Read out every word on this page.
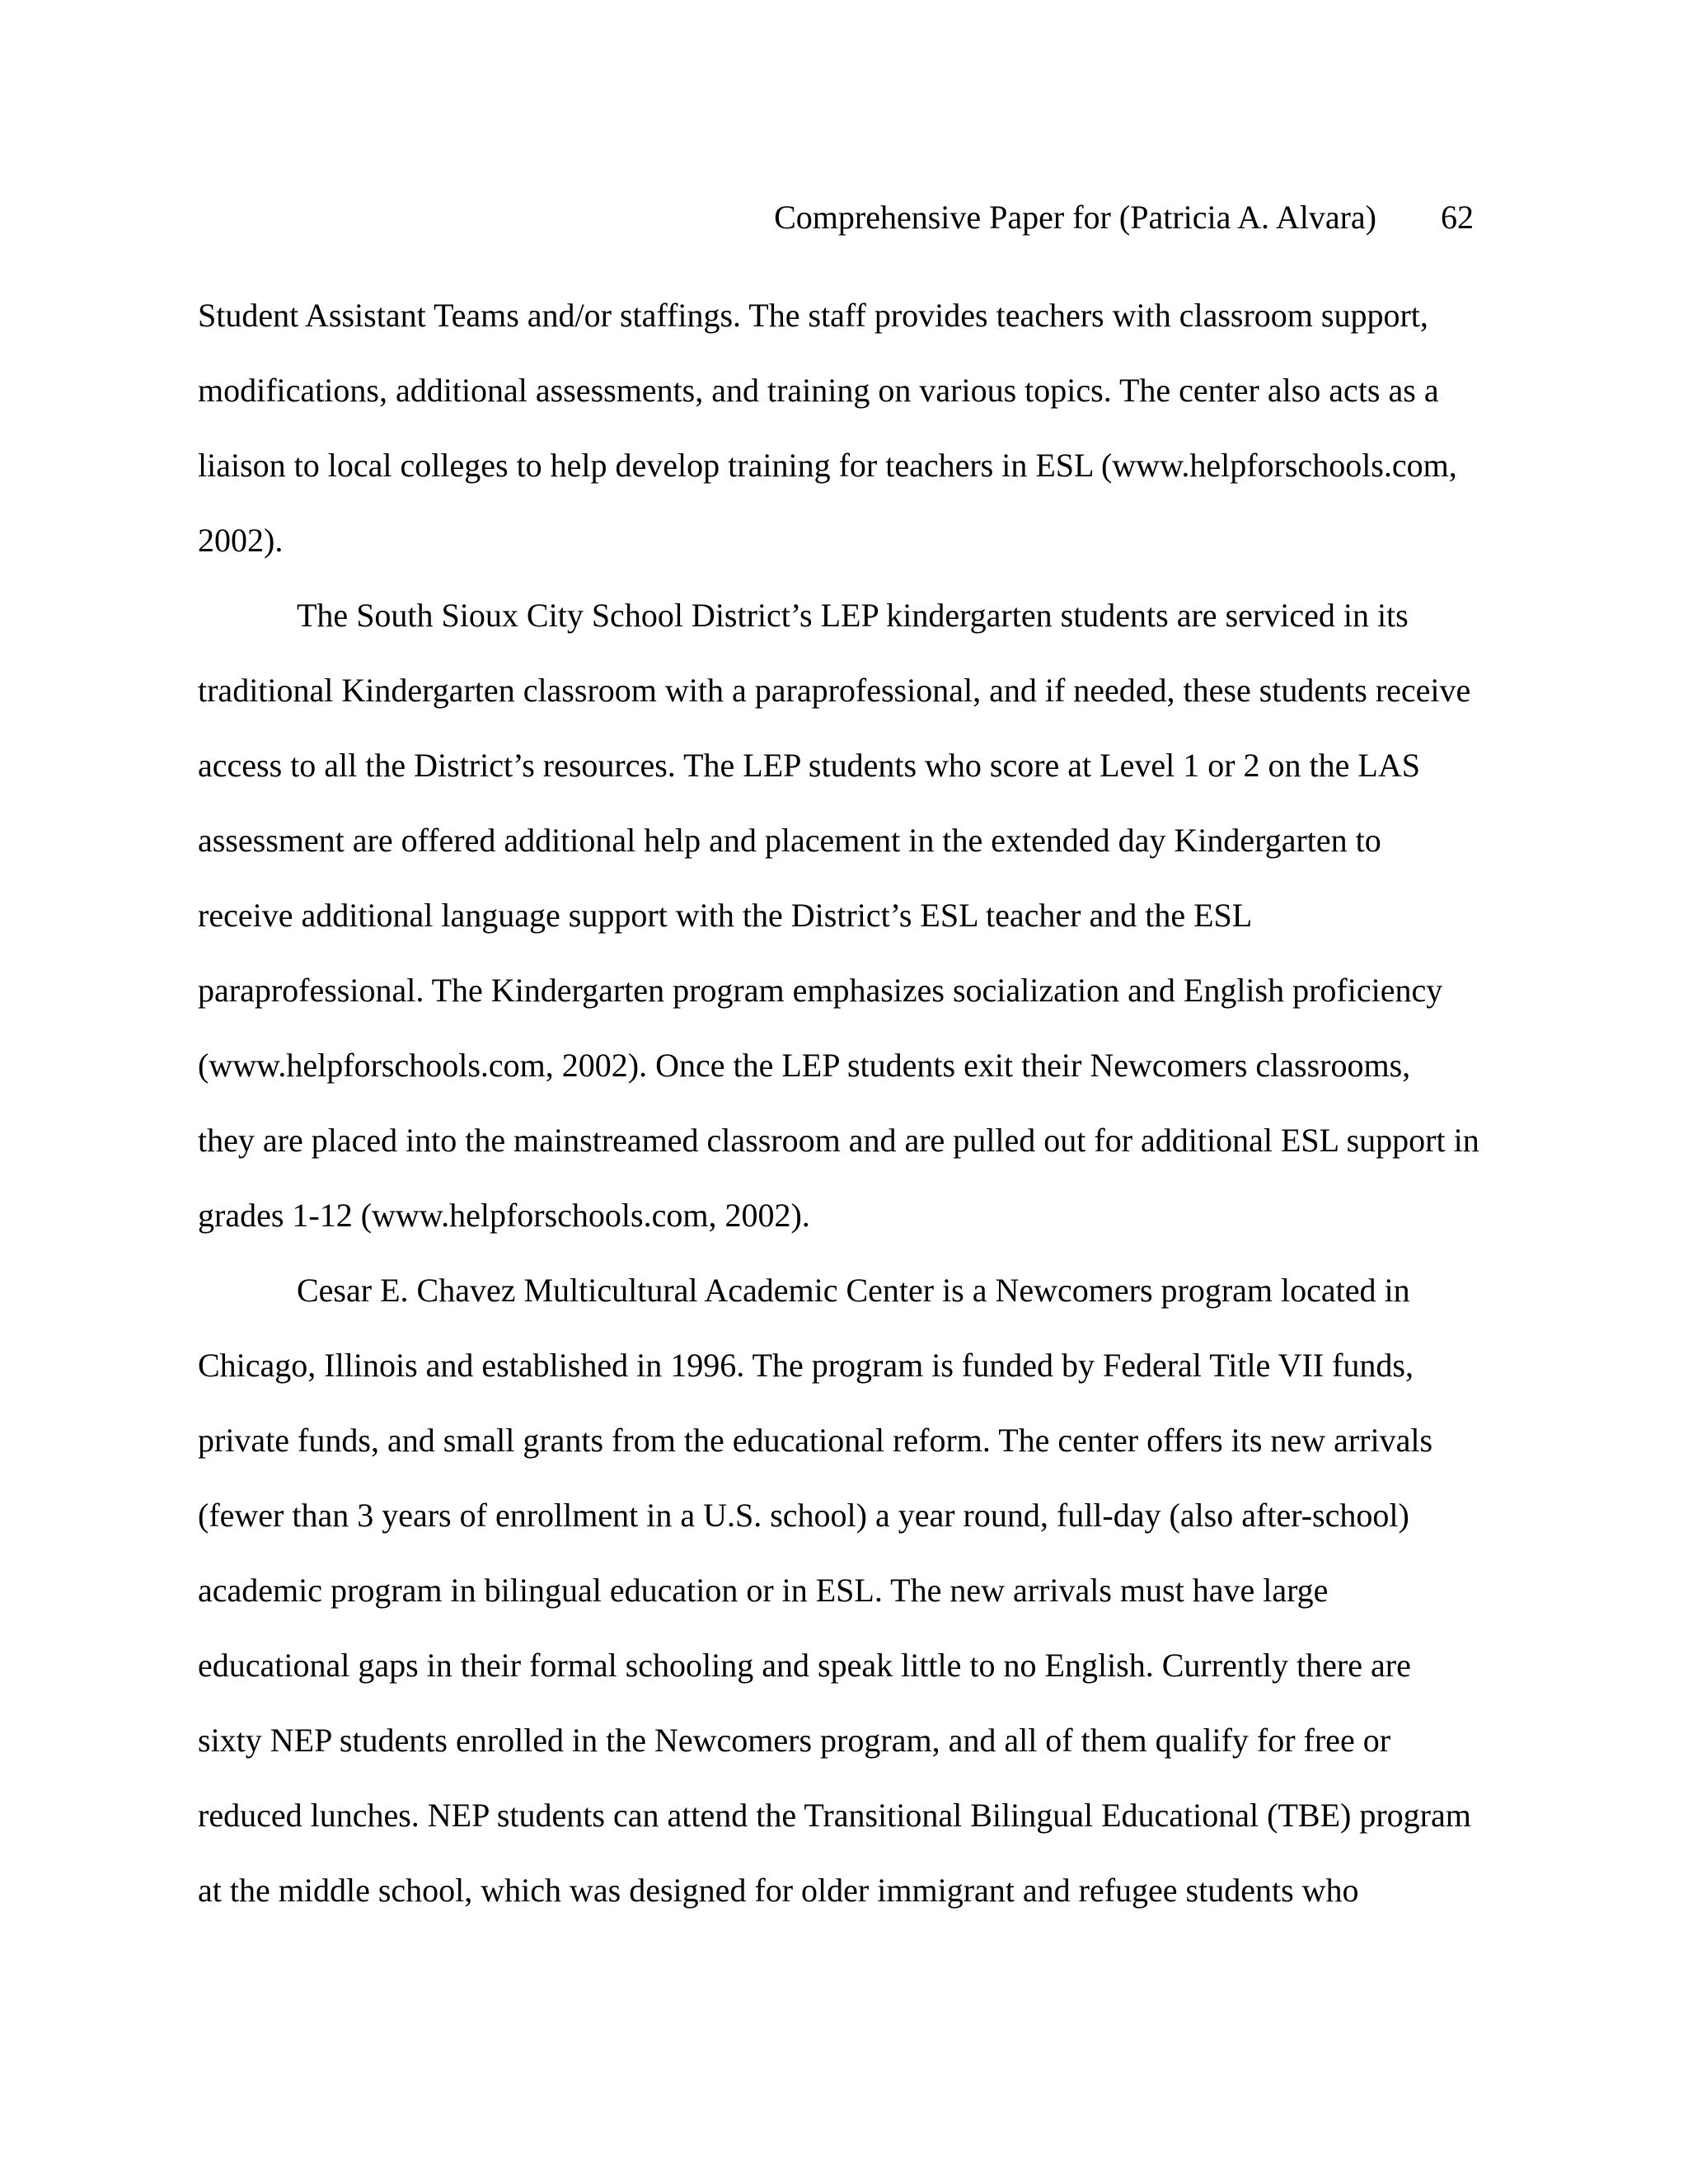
Comprehensive Paper for (Patricia A. Alvara) 62
Student Assistant Teams and/or staffings. The staff provides teachers with classroom support,
modifications, additional assessments, and training on various topics. The center also acts as a
liaison to local colleges to help develop training for teachers in ESL (www.helpforschools.com,
2002).
The South Sioux City School District’s LEP kindergarten students are serviced in its
traditional Kindergarten classroom with a paraprofessional, and if needed, these students receive
access to all the District’s resources. The LEP students who score at Level 1 or 2 on the LAS
assessment are offered additional help and placement in the extended day Kindergarten to
receive additional language support with the District’s ESL teacher and the ESL
paraprofessional. The Kindergarten program emphasizes socialization and English proficiency
(www.helpforschools.com, 2002). Once the LEP students exit their Newcomers classrooms,
they are placed into the mainstreamed classroom and are pulled out for additional ESL support in
grades 1-12 (www.helpforschools.com, 2002).
Cesar E. Chavez Multicultural Academic Center is a Newcomers program located in
Chicago, Illinois and established in 1996. The program is funded by Federal Title VII funds,
private funds, and small grants from the educational reform. The center offers its new arrivals
(fewer than 3 years of enrollment in a U.S. school) a year round, full-day (also after-school)
academic program in bilingual education or in ESL. The new arrivals must have large
educational gaps in their formal schooling and speak little to no English. Currently there are
sixty NEP students enrolled in the Newcomers program, and all of them qualify for free or
reduced lunches. NEP students can attend the Transitional Bilingual Educational (TBE) program
at the middle school, which was designed for older immigrant and refugee students who
